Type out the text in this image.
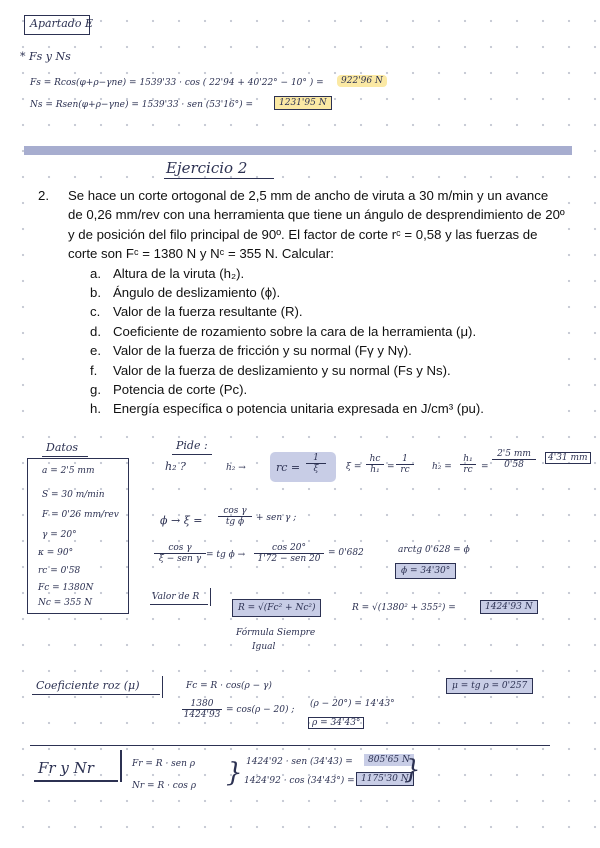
Apartado E
* Fs y Ns
Fs = Rcos(φ+ρ−γne) = 1539'33 · cos ( 22'94 + 40'22° − 10° ) =	922'96 N
Ns = Rsen(φ+ρ−γne) = 1539'33 · sen (53'16°) =	1231'95 N
Ejercicio 2
2. Se hace un corte ortogonal de 2,5 mm de ancho de viruta a 30 m/min y un avance de 0,26 mm/rev con una herramienta que tiene un ángulo de desprendimiento de 20º y de posición del filo principal de 90º. El factor de corte rᶜ = 0,58 y las fuerzas de corte son Fᶜ = 1380 N y Nᶜ = 355 N. Calcular:
a. Altura de la viruta (h₂).
b. Ángulo de deslizamiento (ϕ).
c. Valor de la fuerza resultante (R).
d. Coeficiente de rozamiento sobre la cara de la herramienta (μ).
e. Valor de la fuerza de fricción y su normal (Fγ y Nγ).
f. Valor de la fuerza de deslizamiento y su normal (Fs y Ns).
g. Potencia de corte (Pc).
h. Energía específica o potencia unitaria expresada en J/cm³ (pu).
Datos
a = 2'5 mm
S = 30 m/min
F = 0'26 mm/rev
γ = 20°
κ = 90°
rc = 0'58
Fc = 1380N
Nc = 355 N
Pide :
h₂ ?	h₂ →	rc = $\frac{1}{\xi}$ $\xi = \frac{hc}{\text{h₁}} = \frac{1}{rc} h_2 = \frac{\text{h₁}}{rc} = \frac{2'5 mm}{0'58}$	4'31 mm
$\phi \to \xi = \frac{\text{cos γ}}{\text{tg ϕ}}$ + sen γ ;
cos γ
ξ − sen γ = tg ϕ →
cos 20°
1'72 − sen 20
= 0'682	arctg 0'628 = ϕ
ϕ = 34'30°
Valor de R
R = √(Fc² + Nc²)
Fórmula Siempre
Igual
R = √(1380² + 355²) =	1424'93 N
Coeficiente roz (μ)	Fc = R · cos(ρ − γ)
$\frac{1380}{1424'93} = \cos(\rho - 20)$ ;
(ρ − 20°) = 14'43°
ρ = 34'43°
μ = tg ρ = 0'257
Fr y Nr	Fr = R · sen ρ
Nr = R · cos ρ } 1424'92 · sen (34'43) =	805'65 N
1424'92 · cos (34'43°) = 1175'30 N
}
